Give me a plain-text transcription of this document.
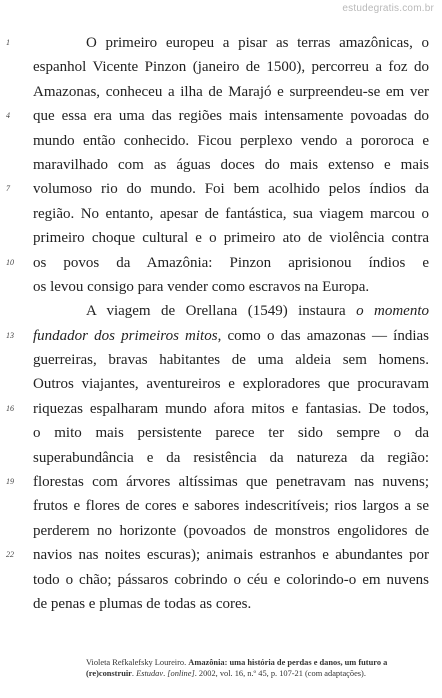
estudegratis.com.br
1	O primeiro europeu a pisar as terras amazônicas, o
espanhol Vicente Pinzon (janeiro de 1500), percorreu a foz do
Amazonas, conheceu a ilha de Marajó e surpreendeu-se em ver
4	que essa era uma das regiões mais intensamente povoadas do
mundo então conhecido. Ficou perplexo vendo a pororoca e
maravilhado com as águas doces do mais extenso e mais
7	volumoso rio do mundo. Foi bem acolhido pelos índios da
região. No entanto, apesar de fantástica, sua viagem marcou o
primeiro choque cultural e o primeiro ato de violência contra
10	os povos da Amazônia: Pinzon aprisionou índios e
os levou consigo para vender como escravos na Europa.
A viagem de Orellana (1549) instaura o momento
13	fundador dos primeiros mitos, como o das amazonas — índias
guerreiras, bravas habitantes de uma aldeia sem homens.
Outros viajantes, aventureiros e exploradores que procuravam
16	riquezas espalharam mundo afora mitos e fantasias. De todos,
o mito mais persistente parece ter sido sempre o da
superabundância e da resistência da natureza da região:
19	florestas com árvores altíssimas que penetravam nas nuvens;
frutos e flores de cores e sabores indescritíveis; rios largos a se
perderem no horizonte (povoados de monstros engolidores de
22	navios nas noites escuras); animais estranhos e abundantes por
todo o chão; pássaros cobrindo o céu e colorindo-o em nuvens
de penas e plumas de todas as cores.
Violeta Refkalefsky Loureiro. Amazônia: uma história de perdas e danos, um futuro a (re)construir. Estudav. [online]. 2002, vol. 16, n.º 45, p. 107-21 (com adaptações).
